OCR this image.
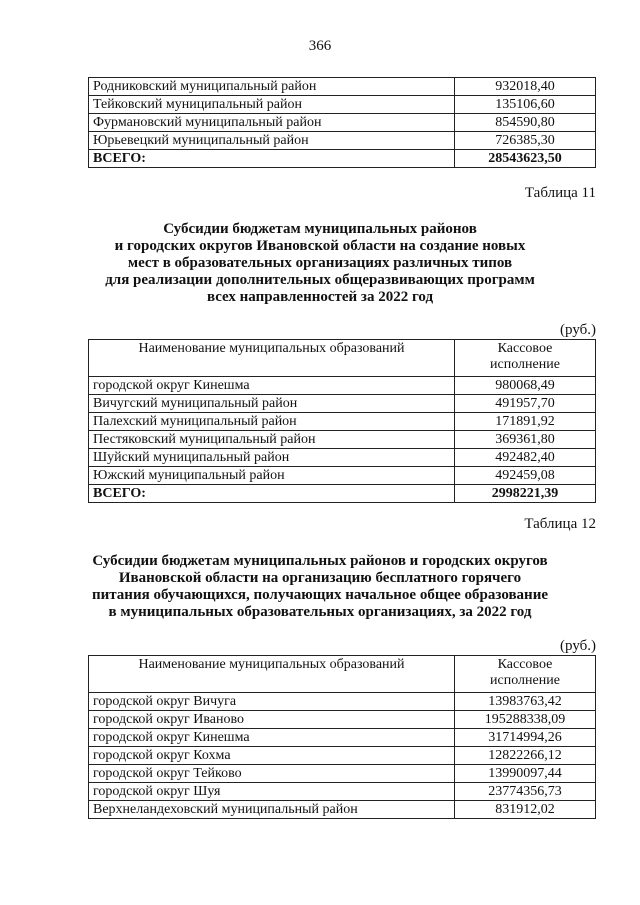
366
Родниковский муниципальный район	932018,40
Тейковский муниципальный район	135106,60
Фурмановский муниципальный район	854590,80
Юрьевецкий муниципальный район	726385,30
ВСЕГО:	28543623,50
Таблица 11
Субсидии бюджетам муниципальных районов
и городских округов Ивановской области на создание новых
мест в образовательных организациях различных типов
для реализации дополнительных общеразвивающих программ
всех направленностей за 2022 год
(руб.)
Наименование муниципальных образований	Кассовое
исполнение

городской округ Кинешма	980068,49
Вичугский муниципальный район	491957,70
Палехский муниципальный район	171891,92
Пестяковский муниципальный район	369361,80
Шуйский муниципальный район	492482,40
Южский муниципальный район	492459,08
ВСЕГО:	2998221,39
Таблица 12
Субсидии бюджетам муниципальных районов и городских округов
Ивановской области на организацию бесплатного горячего
питания обучающихся, получающих начальное общее образование
в муниципальных образовательных организациях, за 2022 год
(руб.)
Наименование муниципальных образований	Кассовое
исполнение

городской округ Вичуга	13983763,42
городской округ Иваново	195288338,09
городской округ Кинешма	31714994,26
городской округ Кохма	12822266,12
городской округ Тейково	13990097,44
городской округ Шуя	23774356,73
Верхнеландеховский муниципальный район	831912,02
